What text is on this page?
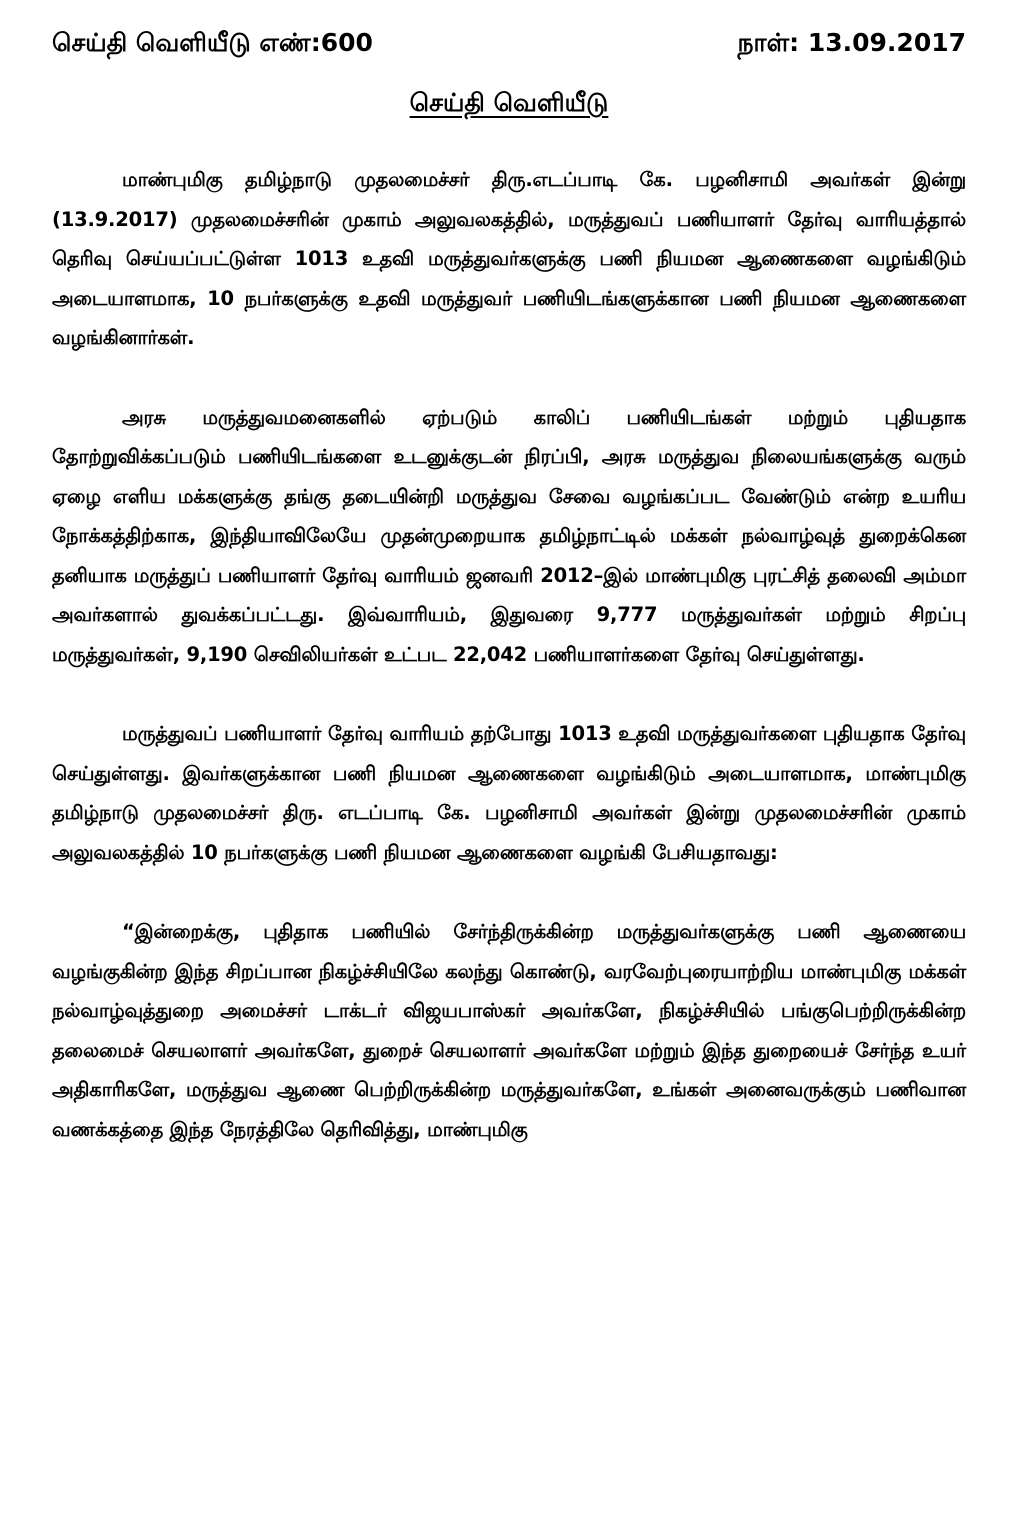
செய்தி வெளியீடு எண்:600	நாள்: 13.09.2017
செய்தி வெளியீடு

மாண்புமிகு தமிழ்நாடு முதலமைச்சர் திரு.எடப்பாடி கே. பழனிசாமி அவர்கள் இன்று (13.9.2017) முதலமைச்சரின் முகாம் அலுவலகத்தில், மருத்துவப் பணியாளர் தேர்வு வாரியத்தால் தெரிவு செய்யப்பட்டுள்ள 1013 உதவி மருத்துவர்களுக்கு பணி நியமன ஆணைகளை வழங்கிடும் அடையாளமாக, 10 நபர்களுக்கு உதவி மருத்துவர் பணியிடங்களுக்கான பணி நியமன ஆணைகளை வழங்கினார்கள்.

அரசு மருத்துவமனைகளில் ஏற்படும் காலிப் பணியிடங்கள் மற்றும் புதியதாக தோற்றுவிக்கப்படும் பணியிடங்களை உடனுக்குடன் நிரப்பி, அரசு மருத்துவ நிலையங்களுக்கு வரும் ஏழை எளிய மக்களுக்கு தங்கு தடையின்றி மருத்துவ சேவை வழங்கப்பட வேண்டும் என்ற உயரிய நோக்கத்திற்காக, இந்தியாவிலேயே முதன்முறையாக தமிழ்நாட்டில் மக்கள் நல்வாழ்வுத் துறைக்கென தனியாக மருத்துப் பணியாளர் தேர்வு வாரியம் ஜனவரி 2012–இல் மாண்புமிகு புரட்சித் தலைவி அம்மா அவர்களால் துவக்கப்பட்டது. இவ்வாரியம், இதுவரை 9,777 மருத்துவர்கள் மற்றும் சிறப்பு மருத்துவர்கள், 9,190 செவிலியர்கள் உட்பட 22,042 பணியாளர்களை தேர்வு செய்துள்ளது.

மருத்துவப் பணியாளர் தேர்வு வாரியம் தற்போது 1013 உதவி மருத்துவர்களை புதியதாக தேர்வு செய்துள்ளது. இவர்களுக்கான பணி நியமன ஆணைகளை வழங்கிடும் அடையாளமாக, மாண்புமிகு தமிழ்நாடு முதலமைச்சர் திரு. எடப்பாடி கே. பழனிசாமி அவர்கள் இன்று முதலமைச்சரின் முகாம் அலுவலகத்தில் 10 நபர்களுக்கு பணி நியமன ஆணைகளை வழங்கி பேசியதாவது:

“இன்றைக்கு, புதிதாக பணியில் சேர்ந்திருக்கின்ற மருத்துவர்களுக்கு பணி ஆணையை வழங்குகின்ற இந்த சிறப்பான நிகழ்ச்சியிலே கலந்து கொண்டு, வரவேற்புரையாற்றிய மாண்புமிகு மக்கள் நல்வாழ்வுத்துறை அமைச்சர் டாக்டர் விஜயபாஸ்கர் அவர்களே, நிகழ்ச்சியில் பங்குபெற்றிருக்கின்ற தலைமைச் செயலாளர் அவர்களே, துறைச் செயலாளர் அவர்களே மற்றும் இந்த துறையைச் சேர்ந்த உயர் அதிகாரிகளே, மருத்துவ ஆணை பெற்றிருக்கின்ற மருத்துவர்களே, உங்கள் அனைவருக்கும் பணிவான வணக்கத்தை இந்த நேரத்திலே தெரிவித்து, மாண்புமிகு
